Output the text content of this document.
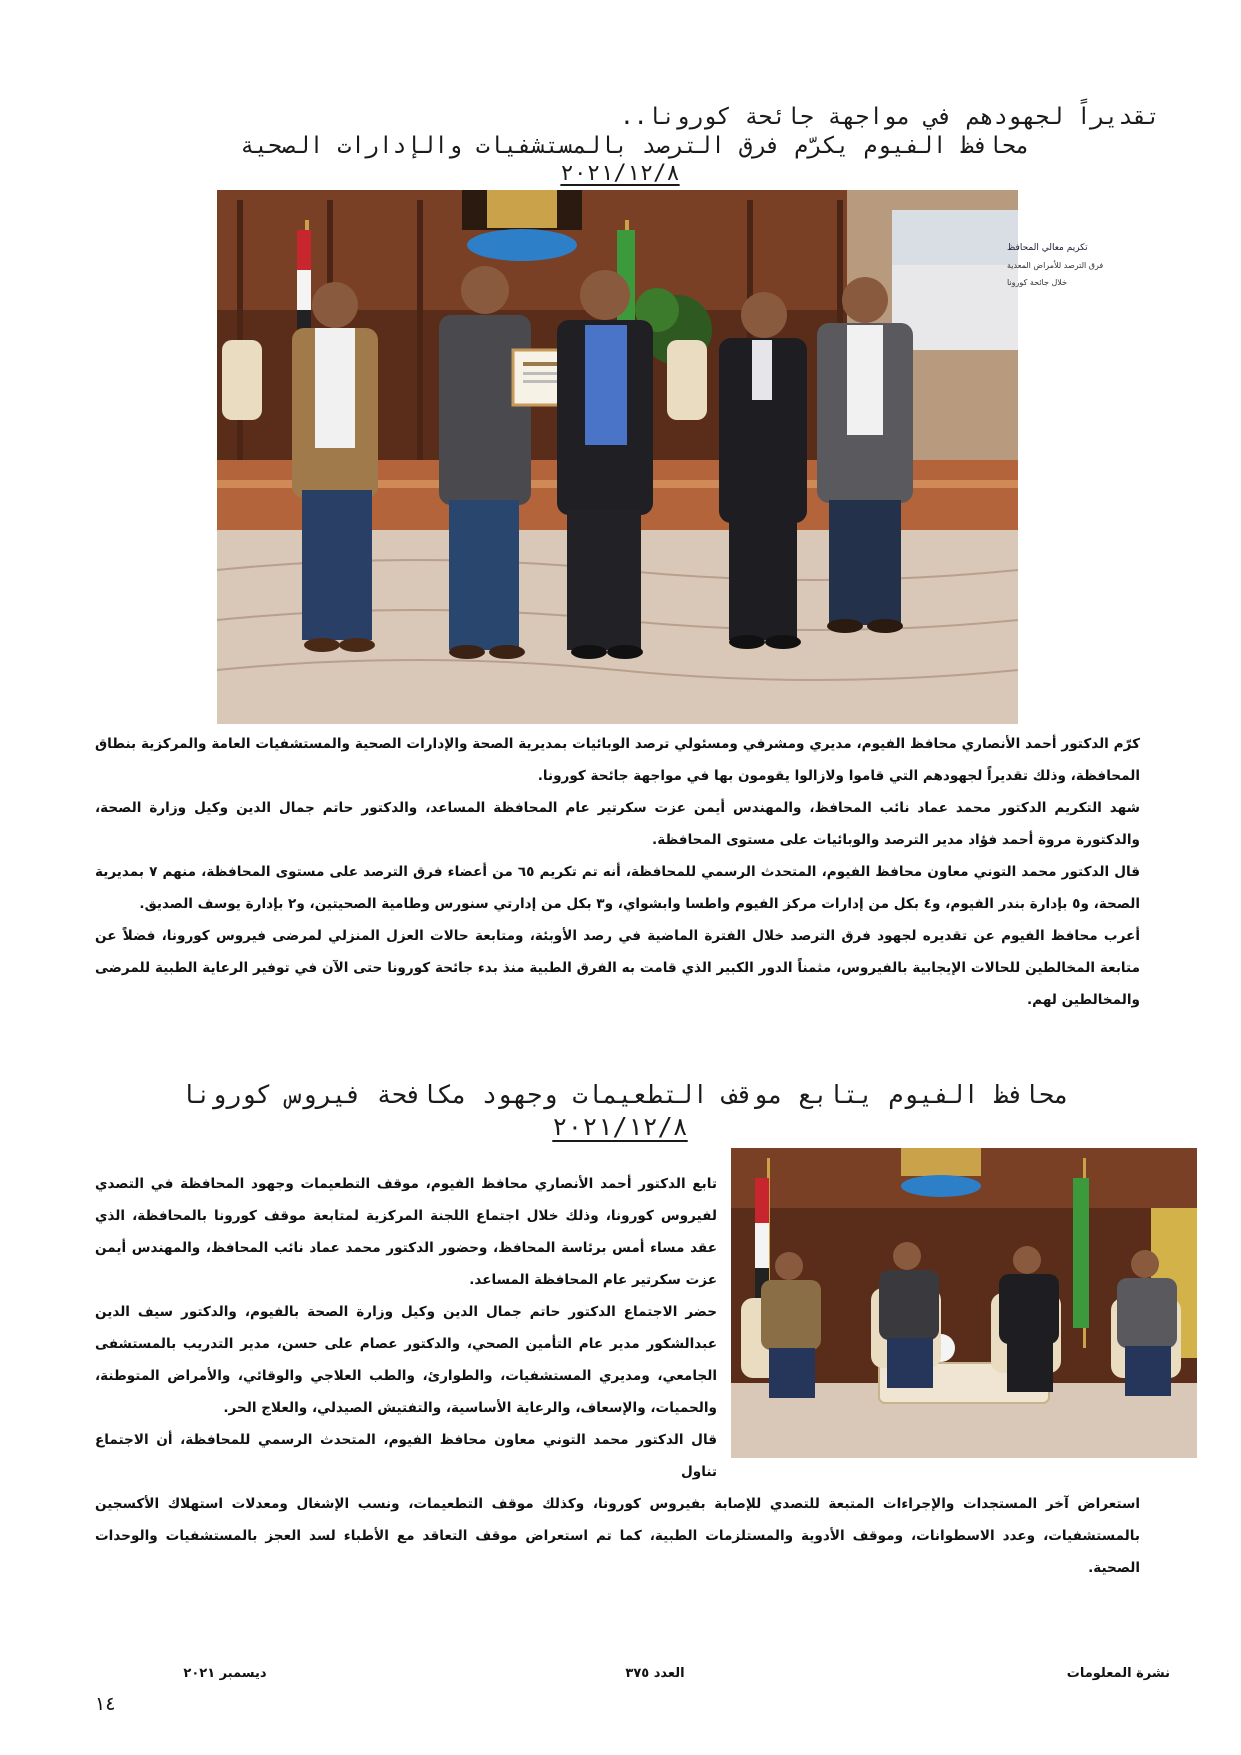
تقديراً لجهودهم في مواجهة جائحة كورونا..
محافظ الفيوم يكرّم فرق الترصد بالمستشفيات والإدارات الصحية
٢٠٢١/١٢/٨
تكريم معالي المحافظ
فرق الترصد للأمراض المعدية
خلال جائحة كورونا
كرّم الدكتور أحمد الأنصاري محافظ الفيوم، مديري ومشرفي ومسئولي ترصد الوبائيات بمديرية الصحة والإدارات الصحية والمستشفيات العامة والمركزية بنطاق المحافظة، وذلك تقديراً لجهودهم التي قاموا ولازالوا يقومون بها في مواجهة جائحة كورونا.
شهد التكريم الدكتور محمد عماد نائب المحافظ، والمهندس أيمن عزت سكرتير عام المحافظة المساعد، والدكتور حاتم جمال الدين وكيل وزارة الصحة، والدكتورة مروة أحمد فؤاد مدير الترصد والوبائيات على مستوى المحافظة.
قال الدكتور محمد التوني معاون محافظ الفيوم، المتحدث الرسمي للمحافظة، أنه تم تكريم ٦٥ من أعضاء فرق الترصد على مستوى المحافظة، منهم ٧ بمديرية الصحة، و٥ بإدارة بندر الفيوم، و٤ بكل من إدارات مركز الفيوم واطسا وابشواي، و٣ بكل من إدارتي سنورس وطامية الصحيتين، و٢ بإدارة يوسف الصديق.
أعرب محافظ الفيوم عن تقديره لجهود فرق الترصد خلال الفترة الماضية في رصد الأوبئة، ومتابعة حالات العزل المنزلي لمرضى فيروس كورونا، فضلاً عن متابعة المخالطين للحالات الإيجابية بالفيروس، مثمناً الدور الكبير الذي قامت به الفرق الطبية منذ بدء جائحة كورونا حتى الآن في توفير الرعاية الطبية للمرضى والمخالطين لهم.
محافظ الفيوم يتابع موقف التطعيمات وجهود مكافحة فيروس كورونا
٢٠٢١/١٢/٨
تابع الدكتور أحمد الأنصاري محافظ الفيوم، موقف التطعيمات وجهود المحافظة في التصدي لفيروس كورونا، وذلك خلال اجتماع اللجنة المركزية لمتابعة موقف كورونا بالمحافظة، الذي عقد مساء أمس برئاسة المحافظ، وحضور الدكتور محمد عماد نائب المحافظ، والمهندس أيمن عزت سكرتير عام المحافظة المساعد.
حضر الاجتماع الدكتور حاتم جمال الدين وكيل وزارة الصحة بالفيوم، والدكتور سيف الدين عبدالشكور مدير عام التأمين الصحي، والدكتور عصام على حسن، مدير التدريب بالمستشفى الجامعي، ومديري المستشفيات، والطوارئ، والطب العلاجي والوقائي، والأمراض المتوطنة، والحميات، والإسعاف، والرعاية الأساسية، والتفتيش الصيدلي، والعلاج الحر.
قال الدكتور محمد التوني معاون محافظ الفيوم، المتحدث الرسمي للمحافظة، أن الاجتماع تناول
استعراض آخر المستجدات والإجراءات المتبعة للتصدي للإصابة بفيروس كورونا، وكذلك موقف التطعيمات، ونسب الإشغال ومعدلات استهلاك الأكسجين بالمستشفيات، وعدد الاسطوانات، وموقف الأدوية والمستلزمات الطبية، كما تم استعراض موقف التعاقد مع الأطباء لسد العجز بالمستشفيات والوحدات الصحية.
نشرة المعلومات
العدد ٣٧٥
ديسمبر ٢٠٢١
١٤
